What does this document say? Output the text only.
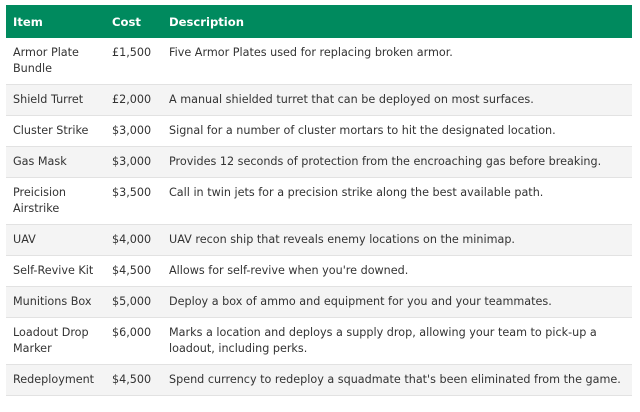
Item	Cost	Description
Armor Plate Bundle	£1,500	Five Armor Plates used for replacing broken armor.
Shield Turret	£2,000	A manual shielded turret that can be deployed on most surfaces.
Cluster Strike	$3,000	Signal for a number of cluster mortars to hit the designated location.
Gas Mask	$3,000	Provides 12 seconds of protection from the encroaching gas before breaking.
Preicision Airstrike	$3,500	Call in twin jets for a precision strike along the best available path.
UAV	$4,000	UAV recon ship that reveals enemy locations on the minimap.
Self-Revive Kit	$4,500	Allows for self-revive when you're downed.
Munitions Box	$5,000	Deploy a box of ammo and equipment for you and your teammates.
Loadout Drop Marker	$6,000	Marks a location and deploys a supply drop, allowing your team to pick-up a loadout, including perks.
Redeployment	$4,500	Spend currency to redeploy a squadmate that's been eliminated from the game.
